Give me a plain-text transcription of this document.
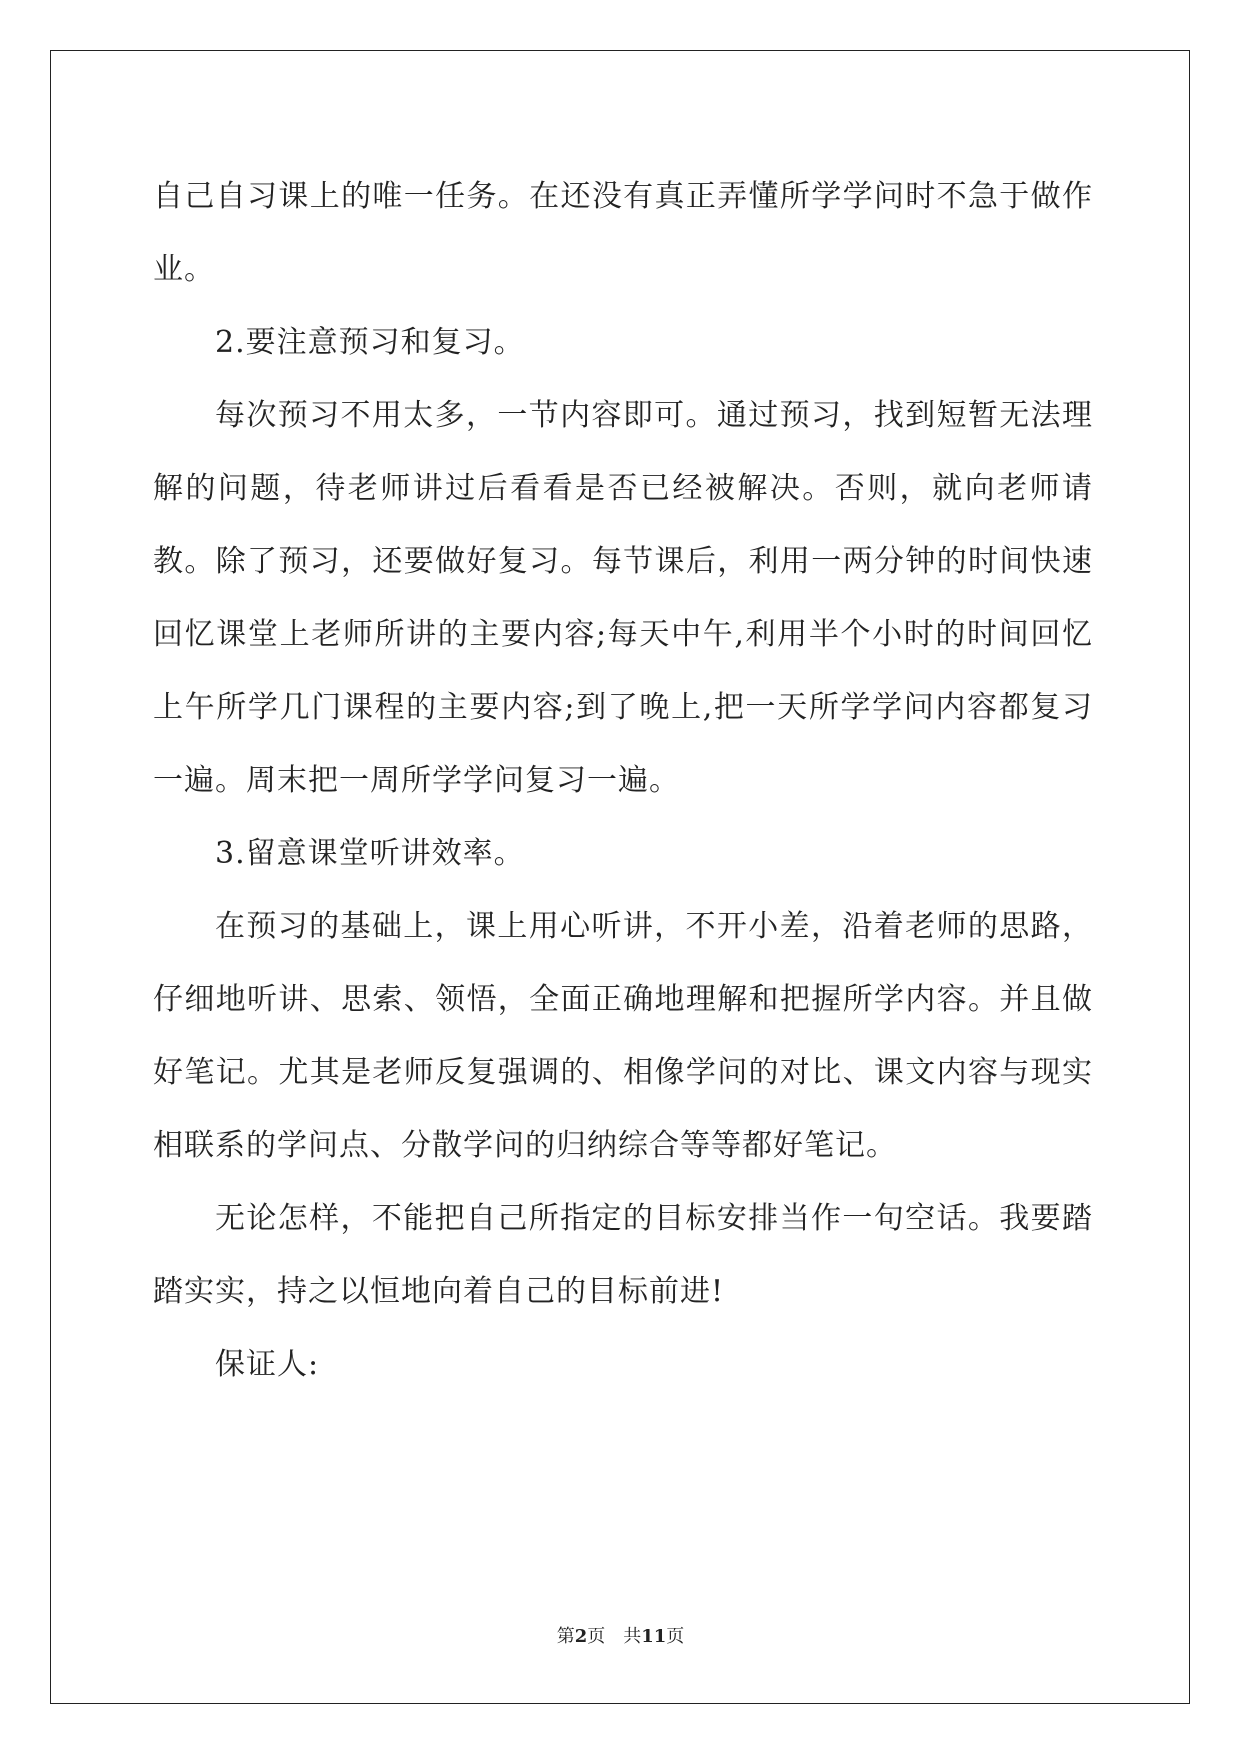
自己自习课上的唯一任务。在还没有真正弄懂所学学问时不急于做作业。

2.要注意预习和复习。

每次预习不用太多，一节内容即可。通过预习，找到短暂无法理解的问题，待老师讲过后看看是否已经被解决。否则，就向老师请教。除了预习，还要做好复习。每节课后，利用一两分钟的时间快速回忆课堂上老师所讲的主要内容;每天中午,利用半个小时的时间回忆上午所学几门课程的主要内容;到了晚上,把一天所学学问内容都复习一遍。周末把一周所学学问复习一遍。

3.留意课堂听讲效率。

在预习的基础上，课上用心听讲，不开小差，沿着老师的思路，仔细地听讲、思索、领悟，全面正确地理解和把握所学内容。并且做好笔记。尤其是老师反复强调的、相像学问的对比、课文内容与现实相联系的学问点、分散学问的归纳综合等等都好笔记。

无论怎样，不能把自己所指定的目标安排当作一句空话。我要踏踏实实，持之以恒地向着自己的目标前进!

保证人:

第2页 共11页
